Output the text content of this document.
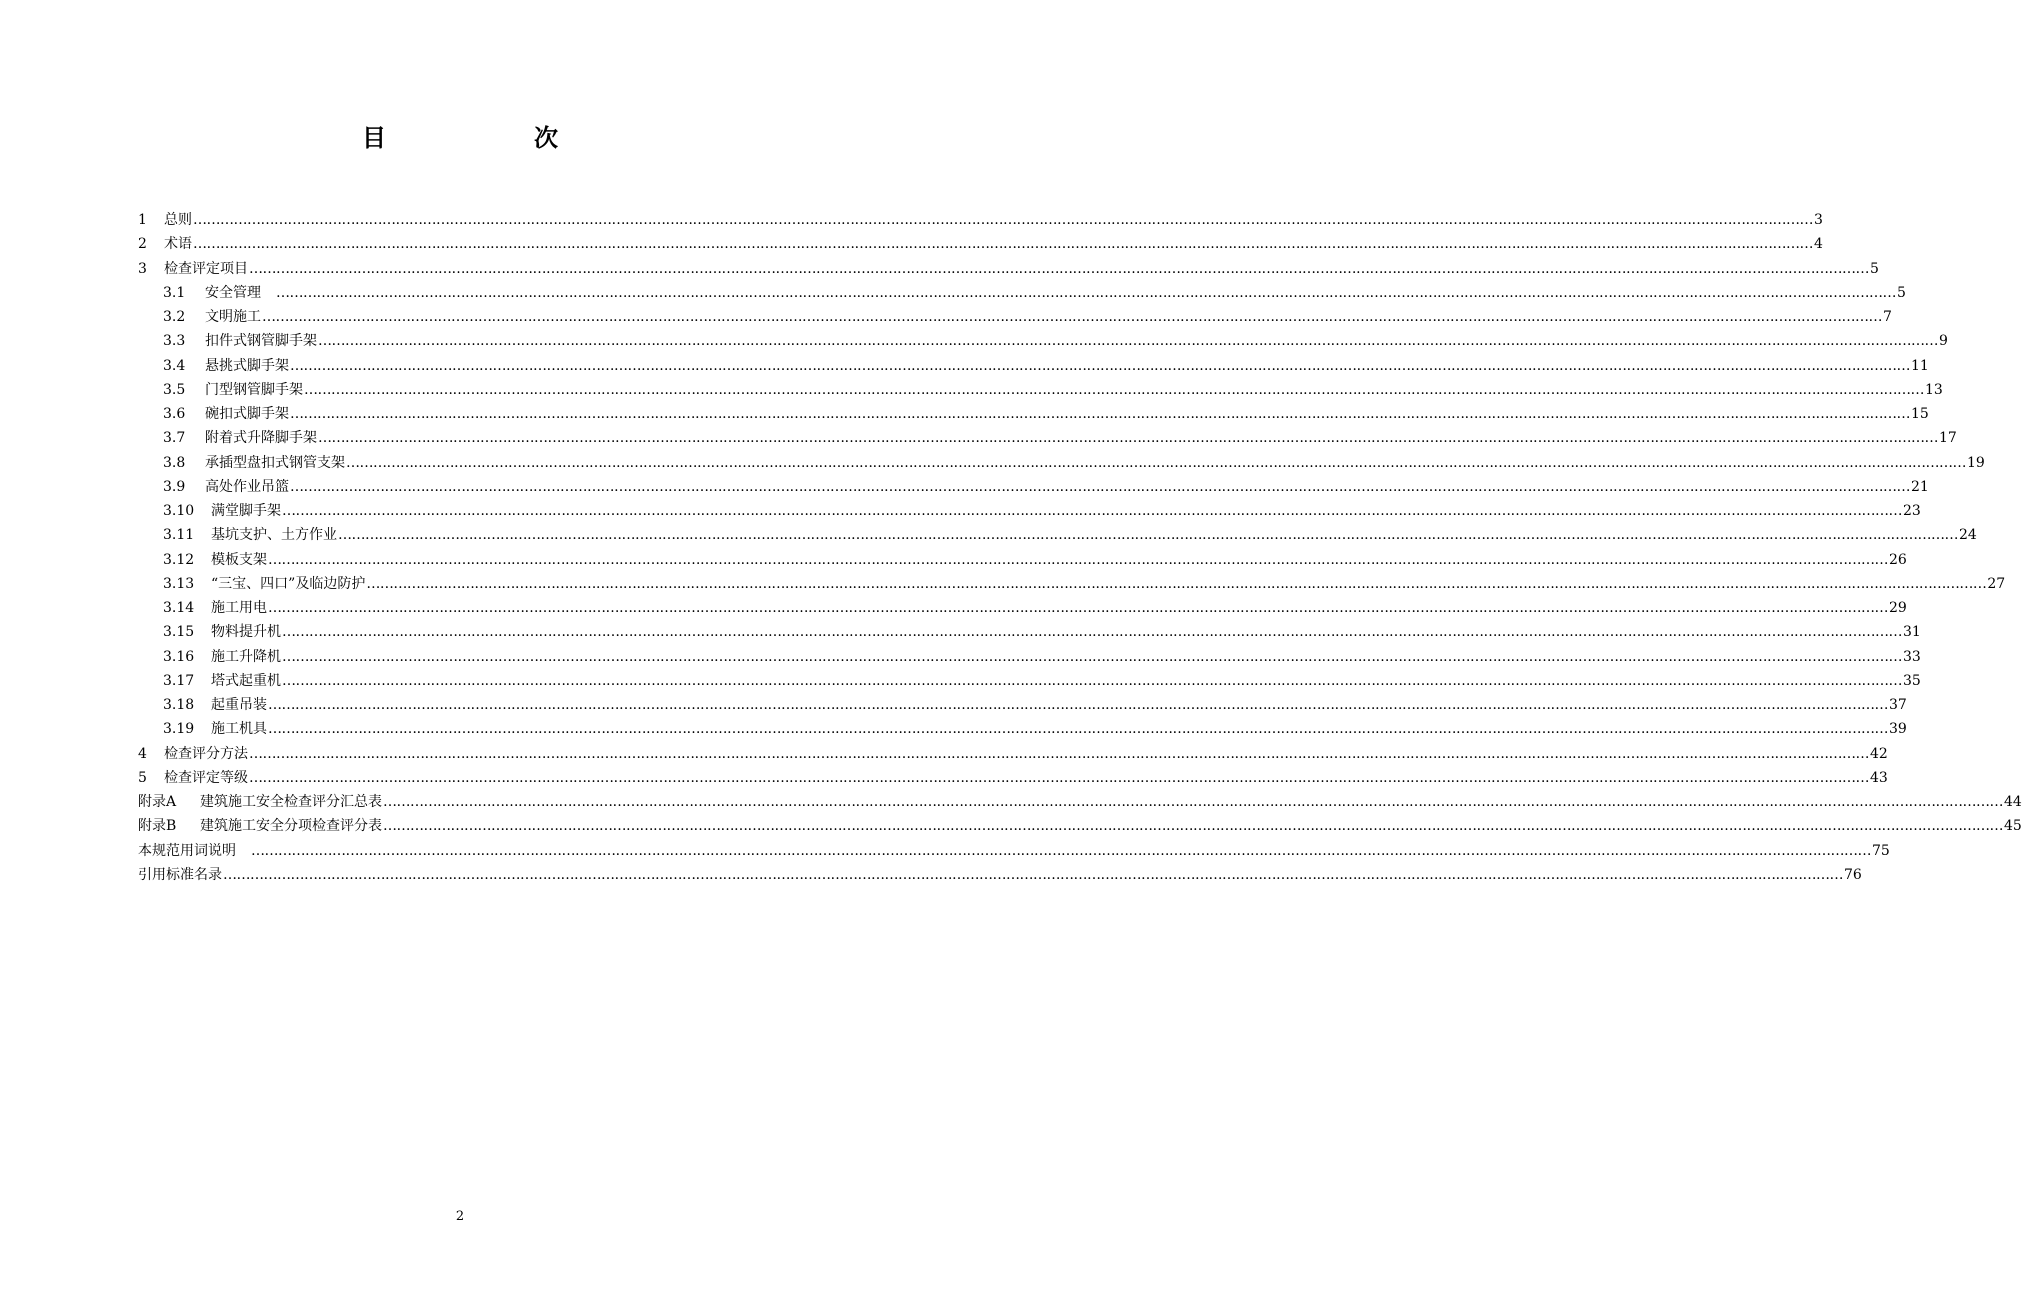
目　次
1	总则 ……………………………………………………………………………………………………………………………………………………………………………………………………………………………………………………………………………………………………………………………… 3
2	术语 ……………………………………………………………………………………………………………………………………………………………………………………………………………………………………………………………………………………………………………………………… 4
3	检查评定项目 ……………………………………………………………………………………………………………………………………………………………………………………………………………………………………………………………………………………………………………………………… 5
3.1	安全管理　 ……………………………………………………………………………………………………………………………………………………………………………………………………………………………………………………………………………………………………………………………… 5
3.2	文明施工 ……………………………………………………………………………………………………………………………………………………………………………………………………………………………………………………………………………………………………………………………… 7
3.3	扣件式钢管脚手架 ……………………………………………………………………………………………………………………………………………………………………………………………………………………………………………………………………………………………………………………………… 9
3.4	悬挑式脚手架 ……………………………………………………………………………………………………………………………………………………………………………………………………………………………………………………………………………………………………………………………… 11
3.5	门型钢管脚手架 ……………………………………………………………………………………………………………………………………………………………………………………………………………………………………………………………………………………………………………………………… 13
3.6	碗扣式脚手架 ……………………………………………………………………………………………………………………………………………………………………………………………………………………………………………………………………………………………………………………………… 15
3.7	附着式升降脚手架 ……………………………………………………………………………………………………………………………………………………………………………………………………………………………………………………………………………………………………………………………… 17
3.8	承插型盘扣式钢管支架 ……………………………………………………………………………………………………………………………………………………………………………………………………………………………………………………………………………………………………………………………… 19
3.9	高处作业吊篮 ……………………………………………………………………………………………………………………………………………………………………………………………………………………………………………………………………………………………………………………………… 21
3.10	满堂脚手架 ……………………………………………………………………………………………………………………………………………………………………………………………………………………………………………………………………………………………………………………………… 23
3.11	基坑支护、土方作业 ……………………………………………………………………………………………………………………………………………………………………………………………………………………………………………………………………………………………………………………………… 24
3.12	模板支架 ……………………………………………………………………………………………………………………………………………………………………………………………………………………………………………………………………………………………………………………………… 26
3.13	“三宝、四口”及临边防护 ……………………………………………………………………………………………………………………………………………………………………………………………………………………………………………………………………………………………………………………………… 27
3.14	施工用电 ……………………………………………………………………………………………………………………………………………………………………………………………………………………………………………………………………………………………………………………………… 29
3.15	物料提升机 ……………………………………………………………………………………………………………………………………………………………………………………………………………………………………………………………………………………………………………………………… 31
3.16	施工升降机 ……………………………………………………………………………………………………………………………………………………………………………………………………………………………………………………………………………………………………………………………… 33
3.17	塔式起重机 ……………………………………………………………………………………………………………………………………………………………………………………………………………………………………………………………………………………………………………………………… 35
3.18	起重吊装 ……………………………………………………………………………………………………………………………………………………………………………………………………………………………………………………………………………………………………………………………… 37
3.19	施工机具 ……………………………………………………………………………………………………………………………………………………………………………………………………………………………………………………………………………………………………………………………… 39
4	检查评分方法 ……………………………………………………………………………………………………………………………………………………………………………………………………………………………………………………………………………………………………………………………… 42
5	检查评定等级 ……………………………………………………………………………………………………………………………………………………………………………………………………………………………………………………………………………………………………………………………… 43
附录A	建筑施工安全检查评分汇总表 ……………………………………………………………………………………………………………………………………………………………………………………………………………………………………………………………………………………………………………………………… 44
附录B	建筑施工安全分项检查评分表 ……………………………………………………………………………………………………………………………………………………………………………………………………………………………………………………………………………………………………………………………… 45
本规范用词说明　 ……………………………………………………………………………………………………………………………………………………………………………………………………………………………………………………………………………………………………………………………… 75
引用标准名录 ……………………………………………………………………………………………………………………………………………………………………………………………………………………………………………………………………………………………………………………………… 76
2
